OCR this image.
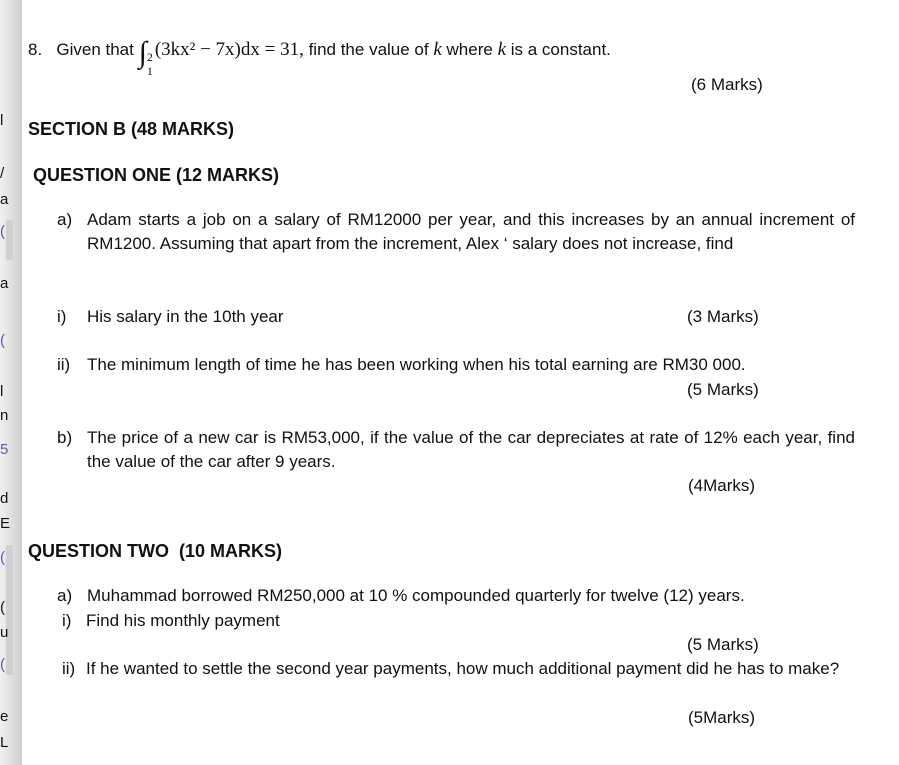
l
/
a
(
a
(
l
n
5
d
E
(
(
u
(
e
L
8. Given that ∫ 2
1
(3kx² − 7x)dx = 31, find the value of k where k is a constant.
(6 Marks)
SECTION B (48 MARKS)
QUESTION ONE (12 MARKS)
a) Adam starts a job on a salary of RM12000 per year, and this increases by an annual increment of RM1200. Assuming that apart from the increment, Alex ‘ salary does not increase, find
i) His salary in the 10th year	(3 Marks)
ii) The minimum length of time he has been working when his total earning are RM30 000.
(5 Marks)
b) The price of a new car is RM53,000, if the value of the car depreciates at rate of 12% each year, find the value of the car after 9 years.
(4Marks)
QUESTION TWO  (10 MARKS)
a) Muhammad borrowed RM250,000 at 10 % compounded quarterly for twelve (12) years.
i) Find his monthly payment
(5 Marks)
ii) If he wanted to settle the second year payments, how much additional payment did he has to make?
(5Marks)
